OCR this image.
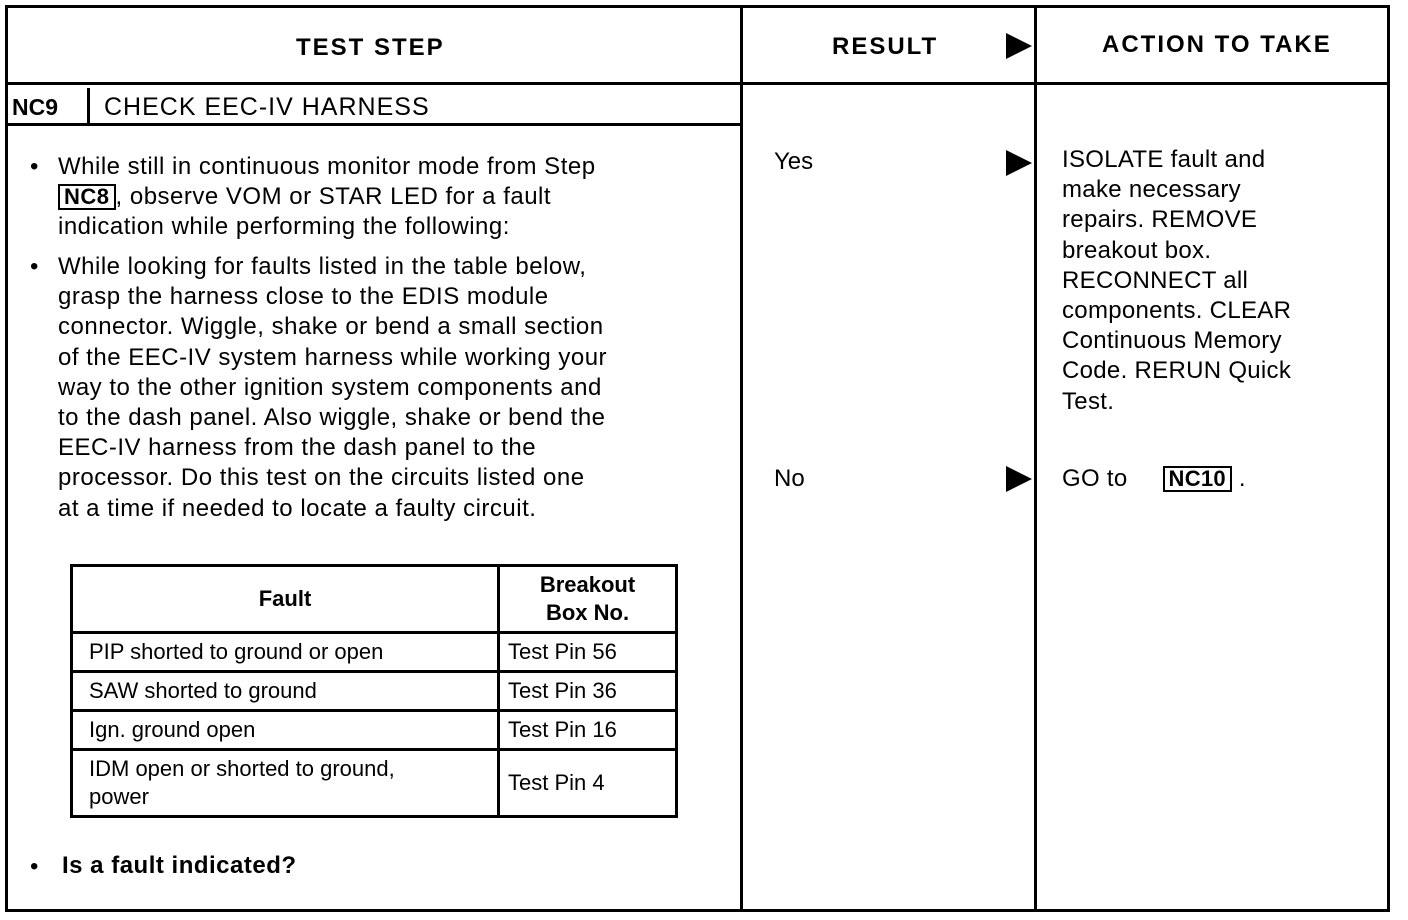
TEST STEP	RESULT	ACTION TO TAKE
NC9	CHECK EEC-IV HARNESS
• While still in continuous monitor mode from Step
NC8 , observe VOM or STAR LED for a fault
indication while performing the following:
• While looking for faults listed in the table below,
grasp the harness close to the EDIS module
connector. Wiggle, shake or bend a small section
of the EEC-IV system harness while working your
way to the other ignition system components and
to the dash panel. Also wiggle, shake or bend the
EEC-IV harness from the dash panel to the
processor. Do this test on the circuits listed one
at a time if needed to locate a faulty circuit.
Fault	Breakout
Box No.

PIP shorted to ground or open	Test Pin 56
SAW shorted to ground	Test Pin 36
Ign. ground open	Test Pin 16

IDM open or shorted to ground,
power	Test Pin 4
• Is a fault indicated?
Yes
No
ISOLATE fault and
make necessary
repairs. REMOVE
breakout box.
RECONNECT all
components. CLEAR
Continuous Memory
Code. RERUN Quick
Test.
GO to NC10 .
